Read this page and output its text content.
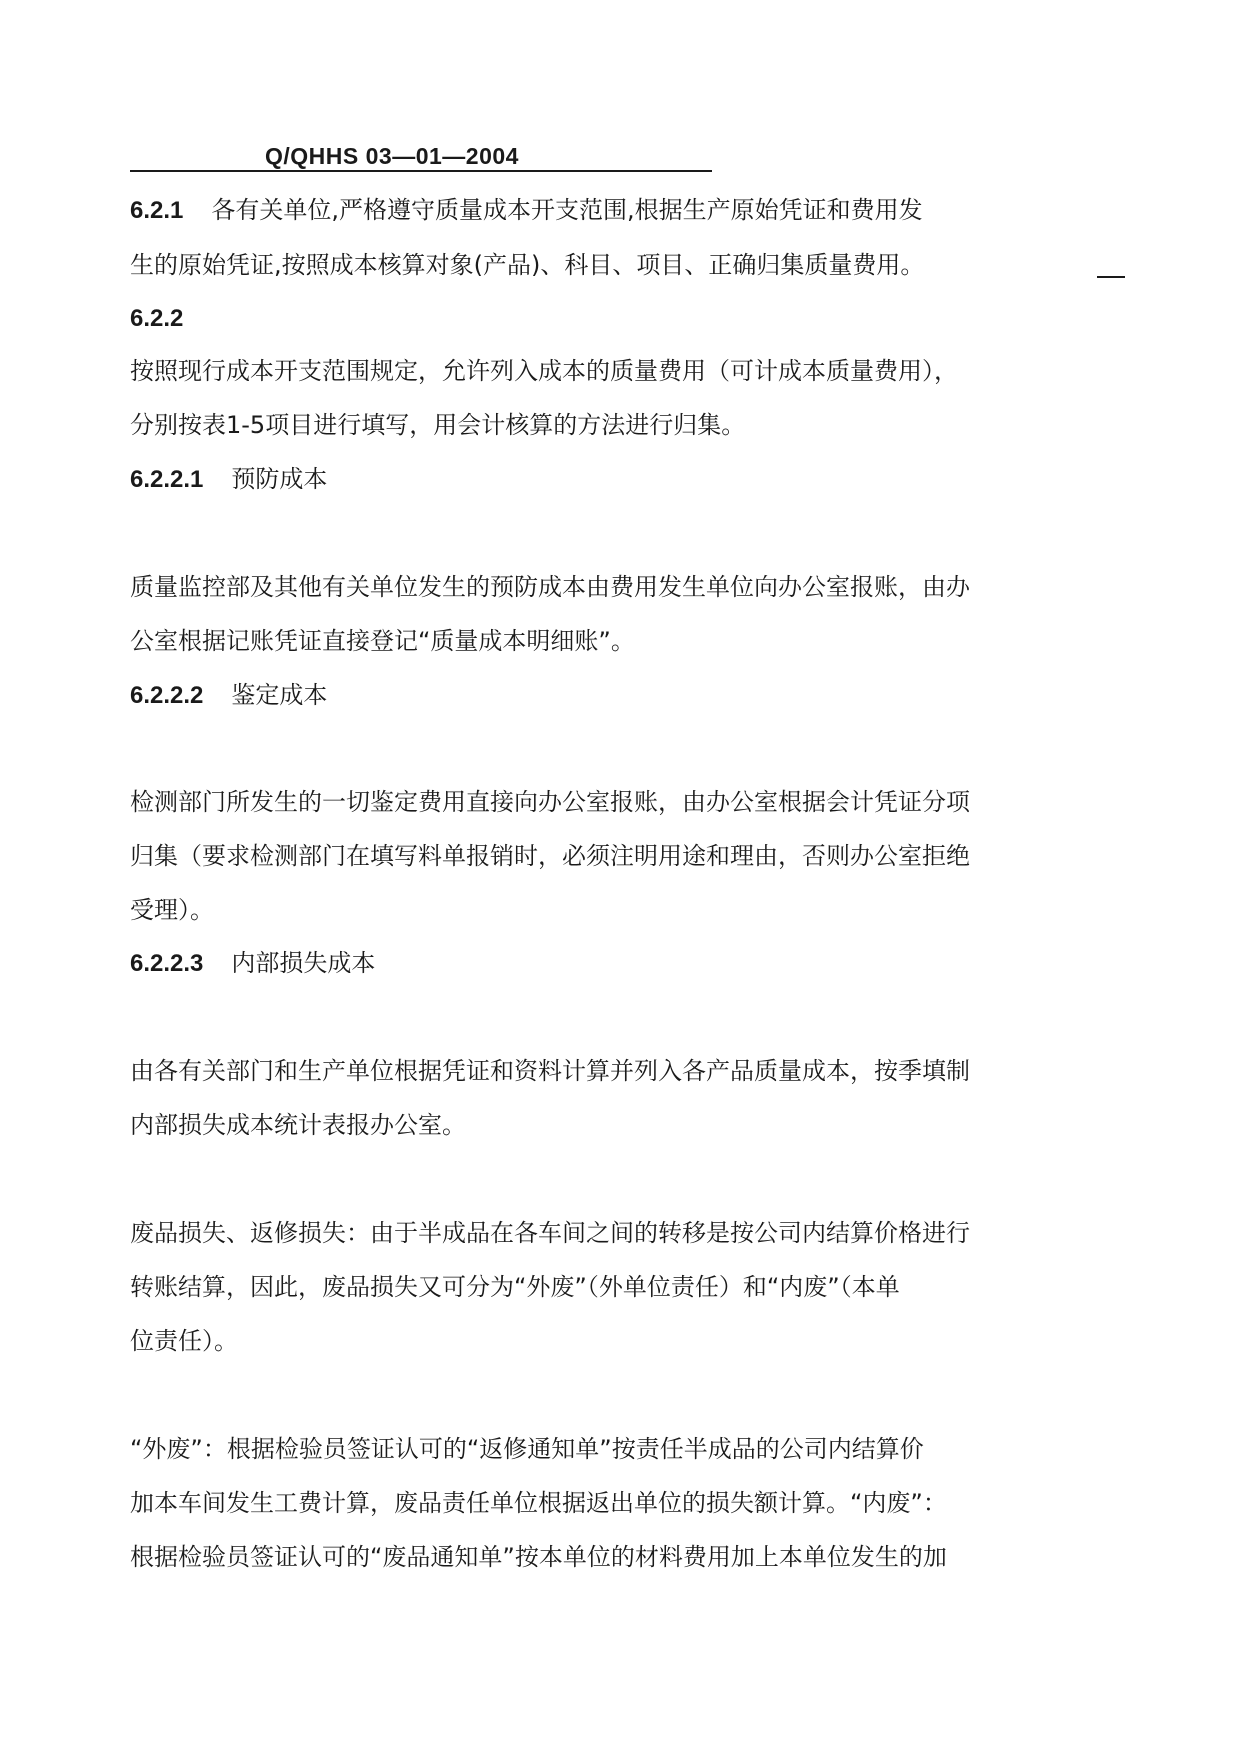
Q/QHHS 03—01—2004
6.2.1 各有关单位,严格遵守质量成本开支范围,根据生产原始凭证和费用发
生的原始凭证,按照成本核算对象(产品)、科目、项目、正确归集质量费用。
6.2.2
按照现行成本开支范围规定，允许列入成本的质量费用（可计成本质量费用），
分别按表1-5项目进行填写，用会计核算的方法进行归集。
6.2.2.1 预防成本
质量监控部及其他有关单位发生的预防成本由费用发生单位向办公室报账，由办
公室根据记账凭证直接登记“质量成本明细账”。
6.2.2.2 鉴定成本
检测部门所发生的一切鉴定费用直接向办公室报账，由办公室根据会计凭证分项
归集（要求检测部门在填写料单报销时，必须注明用途和理由，否则办公室拒绝
受理）。
6.2.2.3 内部损失成本
由各有关部门和生产单位根据凭证和资料计算并列入各产品质量成本，按季填制
内部损失成本统计表报办公室。
废品损失、返修损失：由于半成品在各车间之间的转移是按公司内结算价格进行
转账结算，因此，废品损失又可分为“外废”（外单位责任）和“内废”（本单
位责任）。
“外废”：根据检验员签证认可的“返修通知单”按责任半成品的公司内结算价
加本车间发生工费计算，废品责任单位根据返出单位的损失额计算。“内废”：
根据检验员签证认可的“废品通知单”按本单位的材料费用加上本单位发生的加
